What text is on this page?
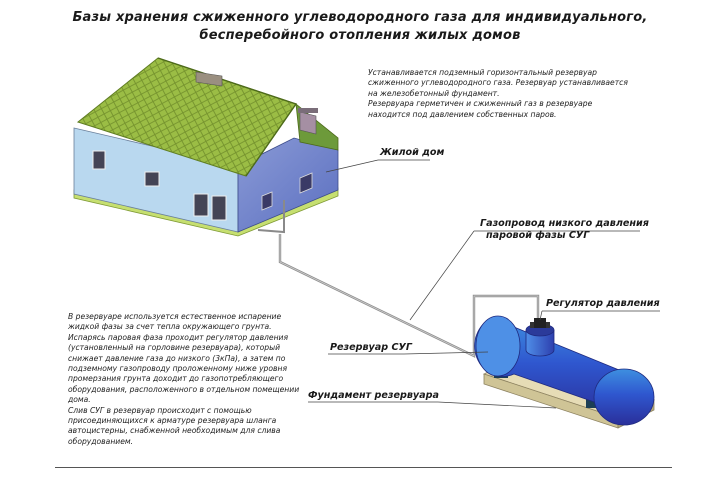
Базы хранения сжиженного углеводородного газа для индивидуального,
бесперебойного отопления жилых домов
Устанавливается подземный горизонтальный резервуар
сжиженного углеводородного газа. Резервуар устанавливается
на железобетонный фундамент.
Резервуара герметичен и сжиженный газ в резервуаре
находится под давлением собственных паров.
В резервуаре используется естественное испарение
жидкой фазы за счет тепла окружающего грунта.
Испарясь паровая фаза проходит регулятор давления
(установленный на горловине резервуара), который
снижает давление газа до низкого (3кПа), а затем по
подземному газопроводу проложенному ниже уровня
промерзания грунта доходит до газопотребляющего
оборудования, расположенного в отдельном помещении
дома.
Слив СУГ в резервуар происходит с помощью
присоединяющихся к арматуре резервуара шланга
автоцистерны, снабженной необходимым для слива
оборудованием.
Жилой дом
Газопровод низкого давления
паровой фазы СУГ
Регулятор давления
Резервуар СУГ
Фундамент резервуара
